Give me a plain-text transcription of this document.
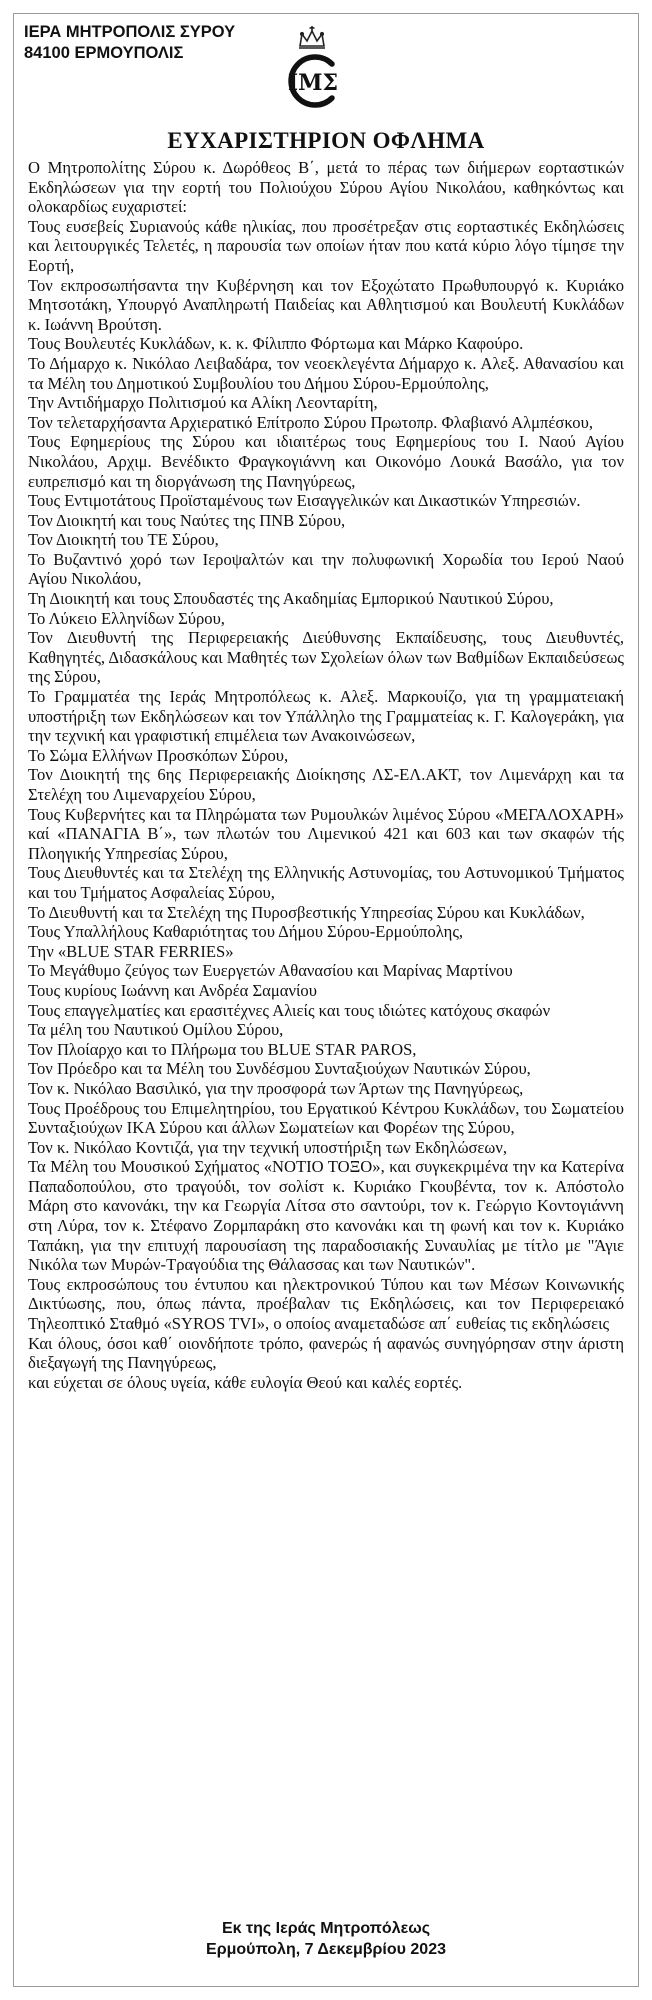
ΙΕΡΑ ΜΗΤΡΟΠΟΛΙΣ ΣΥΡΟΥ
84100 ΕΡΜΟΥΠΟΛΙΣ
ΙΜΣ
ΕΥΧΑΡΙΣΤΗΡΙΟΝ ΟΦΛΗΜΑ

Ο Μητροπολίτης Σύρου κ. Δωρόθεος Β΄, μετά το πέρας των διήμερων εορταστικών Εκδηλώσεων για την εορτή του Πολιούχου Σύρου Αγίου Νικολάου, καθηκόντως και ολοκαρδίως ευχαριστεί:

Τους ευσεβείς Συριανούς κάθε ηλικίας, που προσέτρεξαν στις εορταστικές Εκδηλώσεις και λειτουργικές Τελετές, η παρουσία των οποίων ήταν που κατά κύριο λόγο τίμησε την Εορτή,

Τον εκπροσωπήσαντα την Κυβέρνηση και τον Εξοχώτατο Πρωθυπουργό κ. Κυριάκο Μητσοτάκη, Υπουργό Αναπληρωτή Παιδείας και Αθλητισμού και Βουλευτή Κυκλάδων κ. Ιωάννη Βρούτση.

Τους Βουλευτές Κυκλάδων, κ. κ. Φίλιππο Φόρτωμα και Μάρκο Καφούρο.

Το Δήμαρχο κ. Νικόλαο Λειβαδάρα, τον νεοεκλεγέντα Δήμαρχο κ. Αλεξ. Αθανασίου και τα Μέλη του Δημοτικού Συμβουλίου του Δήμου Σύρου-Ερμούπολης,

Την Αντιδήμαρχο Πολιτισμού κα Αλίκη Λεονταρίτη,

Τον τελεταρχήσαντα Αρχιερατικό Επίτροπο Σύρου Πρωτοπρ. Φλαβιανό Αλμπέσκου,

Τους Εφημερίους της Σύρου και ιδιαιτέρως τους Εφημερίους του Ι. Ναού Αγίου Νικολάου, Αρχιμ. Βενέδικτο Φραγκογιάννη και Οικονόμο Λουκά Βασάλο, για τον ευπρεπισμό και τη διοργάνωση της Πανηγύρεως,

Τους Εντιμοτάτους Προϊσταμένους των Εισαγγελικών και Δικαστικών Υπηρεσιών.

Τον Διοικητή και τους Ναύτες της ΠΝΒ Σύρου,

Τον Διοικητή του ΤΕ Σύρου,

Το Βυζαντινό χορό των Ιεροψαλτών και την πολυφωνική Χορωδία του Ιερού Ναού Αγίου Νικολάου,

Τη Διοικητή και τους Σπουδαστές της Ακαδημίας Εμπορικού Ναυτικού Σύρου,

Το Λύκειο Ελληνίδων Σύρου,

Τον Διευθυντή της Περιφερειακής Διεύθυνσης Εκπαίδευσης, τους Διευθυντές, Καθηγητές, Διδασκάλους και Μαθητές των Σχολείων όλων των Βαθμίδων Εκπαιδεύσεως της Σύρου,

Το Γραμματέα της Ιεράς Μητροπόλεως κ. Αλεξ. Μαρκουίζο, για τη γραμματειακή υποστήριξη των Εκδηλώσεων και τον Υπάλληλο της Γραμματείας κ. Γ. Καλογεράκη, για την τεχνική και γραφιστική επιμέλεια των Ανακοινώσεων,

Το Σώμα Ελλήνων Προσκόπων Σύρου,

Τον Διοικητή της 6ης Περιφερειακής Διοίκησης ΛΣ-ΕΛ.ΑΚΤ, τον Λιμενάρχη και τα Στελέχη του Λιμεναρχείου Σύρου,

Τους Κυβερνήτες και τα Πληρώματα των Ρυμουλκών λιμένος Σύρου «ΜΕΓΑΛΟΧΑΡΗ» καί «ΠΑΝΑΓΙΑ Β΄», των πλωτών του Λιμενικού 421 και 603 και των σκαφών τής Πλοηγικής Υπηρεσίας Σύρου,

Τους Διευθυντές και τα Στελέχη της Ελληνικής Αστυνομίας, του Αστυνομικού Τμήματος και του Τμήματος Ασφαλείας Σύρου,

Το Διευθυντή και τα Στελέχη της Πυροσβεστικής Υπηρεσίας Σύρου και Κυκλάδων,

Τους Υπαλλήλους Καθαριότητας του Δήμου Σύρου-Ερμούπολης,

Την «BLUE STAR FERRIES»

Το Μεγάθυμο ζεύγος των Ευεργετών Αθανασίου και Μαρίνας Μαρτίνου

Τους κυρίους Ιωάννη και Ανδρέα Σαμανίου

Τους επαγγελματίες και ερασιτέχνες Αλιείς και τους ιδιώτες κατόχους σκαφών

Τα μέλη του Ναυτικού Ομίλου Σύρου,

Τον Πλοίαρχο και το Πλήρωμα του BLUE STAR PAROS,

Τον Πρόεδρο και τα Μέλη του Συνδέσμου Συνταξιούχων Ναυτικών Σύρου,

Τον κ. Νικόλαο Βασιλικό, για την προσφορά των Άρτων της Πανηγύρεως,

Τους Προέδρους του Επιμελητηρίου, του Εργατικού Κέντρου Κυκλάδων, του Σωματείου Συνταξιούχων ΙΚΑ Σύρου και άλλων Σωματείων και Φορέων της Σύρου,

Τον κ. Νικόλαο Κοντιζά, για την τεχνική υποστήριξη των Εκδηλώσεων,

Τα Μέλη του Μουσικού Σχήματος «ΝΟΤΙΟ ΤΟΞΟ», και συγκεκριμένα την κα Κατερίνα Παπαδοπούλου, στο τραγούδι, τον σολίστ κ. Κυριάκο Γκουβέντα, τον κ. Απόστολο Μάρη στο κανονάκι, την κα Γεωργία Λίτσα στο σαντούρι, τον κ. Γεώργιο Κοντογιάννη στη Λύρα, τον κ. Στέφανο Ζορμπαράκη στο κανονάκι και τη φωνή και τον κ. Κυριάκο Ταπάκη, για την επιτυχή παρουσίαση της παραδοσιακής Συναυλίας με τίτλο με "Άγιε Νικόλα των Μυρών-Τραγούδια της Θάλασσας και των Ναυτικών".

Τους εκπροσώπους του έντυπου και ηλεκτρονικού Τύπου και των Μέσων Κοινωνικής Δικτύωσης, που, όπως πάντα, προέβαλαν τις Εκδηλώσεις, και τον Περιφερειακό Τηλεοπτικό Σταθμό «SYROS TVI», ο οποίος αναμεταδώσε απ΄ ευθείας τις εκδηλώσεις

Και όλους, όσοι καθ΄ οιονδήποτε τρόπο, φανερώς ή αφανώς συνηγόρησαν στην άριστη διεξαγωγή της Πανηγύρεως,

και εύχεται σε όλους υγεία, κάθε ευλογία Θεού και καλές εορτές.

Εκ της Ιεράς Μητροπόλεως
Ερμούπολη, 7 Δεκεμβρίου 2023
